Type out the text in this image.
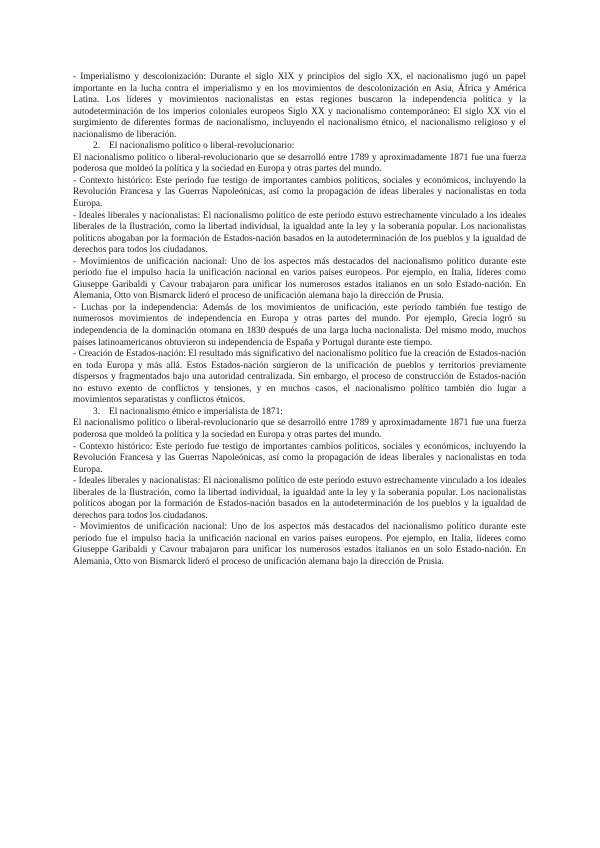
- Imperialismo y descolonización: Durante el siglo XIX y principios del siglo XX, el nacionalismo jugó un papel importante en la lucha contra el imperialismo y en los movimientos de descolonización en Asia, África y América Latina. Los líderes y movimientos nacionalistas en estas regiones buscaron la independencia política y la autodeterminación de los imperios coloniales europeos Siglo XX y nacionalismo contemporáneo: El siglo XX vio el surgimiento de diferentes formas de nacionalismo, incluyendo el nacionalismo étnico, el nacionalismo religioso y el nacionalismo de liberación.

2. El nacionalismo político o liberal-revolucionario:

El nacionalismo político o liberal-revolucionario que se desarrolló entre 1789 y aproximadamente 1871 fue una fuerza poderosa que moldeó la política y la sociedad en Europa y otras partes del mundo.

- Contexto histórico: Este período fue testigo de importantes cambios políticos, sociales y económicos, incluyendo la Revolución Francesa y las Guerras Napoleónicas, así como la propagación de ideas liberales y nacionalistas en toda Europa.

- Ideales liberales y nacionalistas: El nacionalismo político de este período estuvo estrechamente vinculado a los ideales liberales de la Ilustración, como la libertad individual, la igualdad ante la ley y la soberanía popular. Los nacionalistas políticos abogaban por la formación de Estados-nación basados en la autodeterminación de los pueblos y la igualdad de derechos para todos los ciudadanos.

- Movimientos de unificación nacional: Uno de los aspectos más destacados del nacionalismo político durante este período fue el impulso hacia la unificación nacional en varios países europeos. Por ejemplo, en Italia, líderes como Giuseppe Garibaldi y Cavour trabajaron para unificar los numerosos estados italianos en un solo Estado-nación. En Alemania, Otto von Bismarck lideró el proceso de unificación alemana bajo la dirección de Prusia.

- Luchas por la independencia: Además de los movimientos de unificación, este período también fue testigo de numerosos movimientos de independencia en Europa y otras partes del mundo. Por ejemplo, Grecia logró su independencia de la dominación otomana en 1830 después de una larga lucha nacionalista. Del mismo modo, muchos países latinoamericanos obtuvieron su independencia de España y Portugal durante este tiempo.

- Creación de Estados-nación: El resultado más significativo del nacionalismo político fue la creación de Estados-nación en toda Europa y más allá. Estos Estados-nación surgieron de la unificación de pueblos y territorios previamente dispersos y fragmentados bajo una autoridad centralizada. Sin embargo, el proceso de construcción de Estados-nación no estuvo exento de conflictos y tensiones, y en muchos casos, el nacionalismo político también dio lugar a movimientos separatistas y conflictos étnicos.

3. El nacionalismo étnico e imperialista de 1871:

El nacionalismo político o liberal-revolucionario que se desarrolló entre 1789 y aproximadamente 1871 fue una fuerza poderosa que moldeó la política y la sociedad en Europa y otras partes del mundo.

- Contexto histórico: Este período fue testigo de importantes cambios políticos, sociales y económicos, incluyendo la Revolución Francesa y las Guerras Napoleónicas, así como la propagación de ideas liberales y nacionalistas en toda Europa.

- Ideales liberales y nacionalistas: El nacionalismo político de este período estuvo estrechamente vinculado a los ideales liberales de la Ilustración, como la libertad individual, la igualdad ante la ley y la soberanía popular. Los nacionalistas políticos abogan por la formación de Estados-nación basados en la autodeterminación de los pueblos y la igualdad de derechos para todos los ciudadanos.

- Movimientos de unificación nacional: Uno de los aspectos más destacados del nacionalismo político durante este período fue el impulso hacia la unificación nacional en varios países europeos. Por ejemplo, en Italia, líderes como Giuseppe Garibaldi y Cavour trabajaron para unificar los numerosos estados italianos en un solo Estado-nación. En Alemania, Otto von Bismarck lideró el proceso de unificación alemana bajo la dirección de Prusia.
